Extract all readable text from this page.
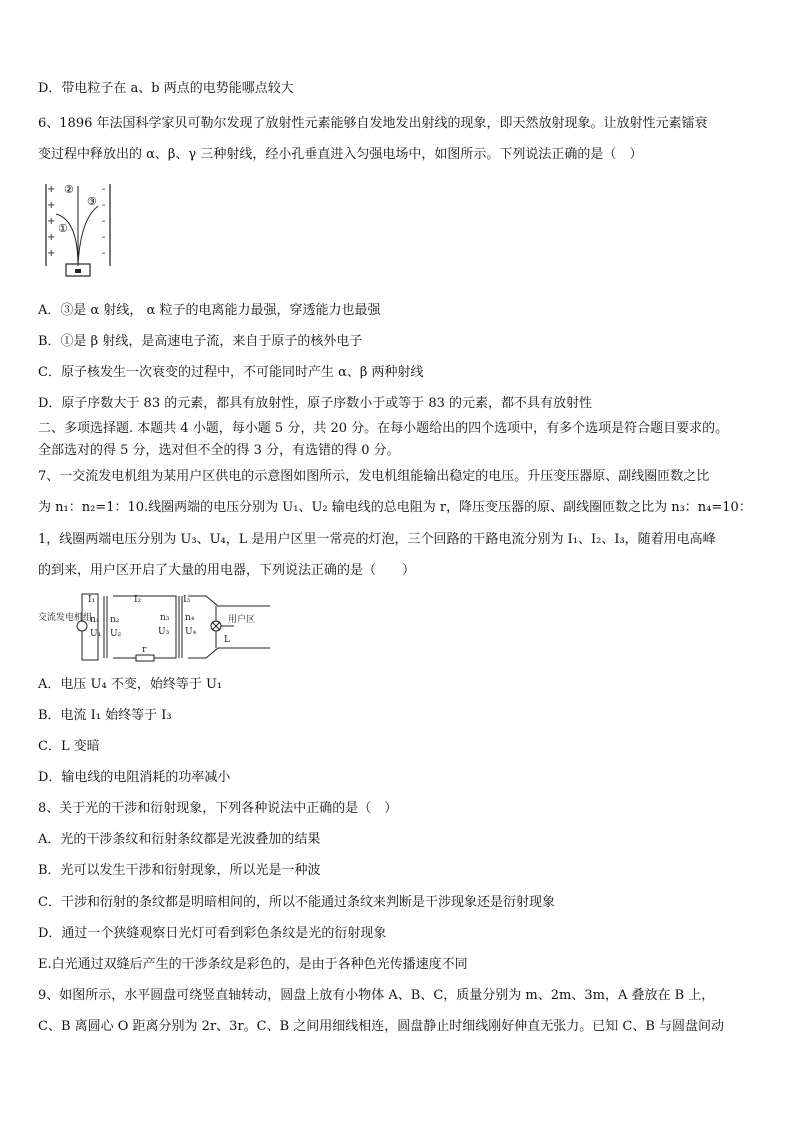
D．带电粒子在 a、b 两点的电势能哪点较大
6、1896 年法国科学家贝可勒尔发现了放射性元素能够自发地发出射线的现象，即天然放射现象。让放射性元素镭衰
变过程中释放出的 α、β、γ 三种射线，经小孔垂直进入匀强电场中，如图所示。下列说法正确的是（　）
+
+
+
+
+
-
-
-
-
-
②
③
①
A．③是 α 射线， α 粒子的电离能力最强，穿透能力也最强
B．①是 β 射线，是高速电子流，来自于原子的核外电子
C．原子核发生一次衰变的过程中，不可能同时产生 α、β 两种射线
D．原子序数大于 83 的元素，都具有放射性，原子序数小于或等于 83 的元素，都不具有放射性
二、多项选择题. 本题共 4 小题，每小题 5 分，共 20 分。在每小题给出的四个选项中，有多个选项是符合题目要求的。
全部选对的得 5 分，选对但不全的得 3 分，有选错的得 0 分。
7、一交流发电机组为某用户区供电的示意图如图所示，发电机组能输出稳定的电压。升压变压器原、副线圈匝数之比
为 n₁：n₂=1：10.线圈两端的电压分别为 U₁、U₂ 输电线的总电阻为 r，降压变压器的原、副线圈匝数之比为 n₃：n₄=10：
1，线圈两端电压分别为 U₃、U₄，L 是用户区里一常亮的灯泡，三个回路的干路电流分别为 I₁、I₂、I₃，随着用电高峰
的到来，用户区开启了大量的用电器，下列说法正确的是（　　）
交流发电机组
I₁	I₂	I₃
n₁
U₁
n₂
U₂
n₃
U₃
n₄
U₄
r
用户区
L
A．电压 U₄ 不变，始终等于 U₁
B．电流 I₁ 始终等于 I₃
C．L 变暗
D．输电线的电阻消耗的功率减小
8、关于光的干涉和衍射现象，下列各种说法中正确的是（　）
A．光的干涉条纹和衍射条纹都是光波叠加的结果
B．光可以发生干涉和衍射现象，所以光是一种波
C．干涉和衍射的条纹都是明暗相间的，所以不能通过条纹来判断是干涉现象还是衍射现象
D．通过一个狭缝观察日光灯可看到彩色条纹是光的衍射现象
E.白光通过双缝后产生的干涉条纹是彩色的，是由于各种色光传播速度不同
9、如图所示，水平圆盘可绕竖直轴转动，圆盘上放有小物体 A、B、C，质量分别为 m、2m、3m，A 叠放在 B 上，
C、B 离圆心 O 距离分别为 2r、3r。C、B 之间用细线相连，圆盘静止时细线刚好伸直无张力。已知 C、B 与圆盘间动
